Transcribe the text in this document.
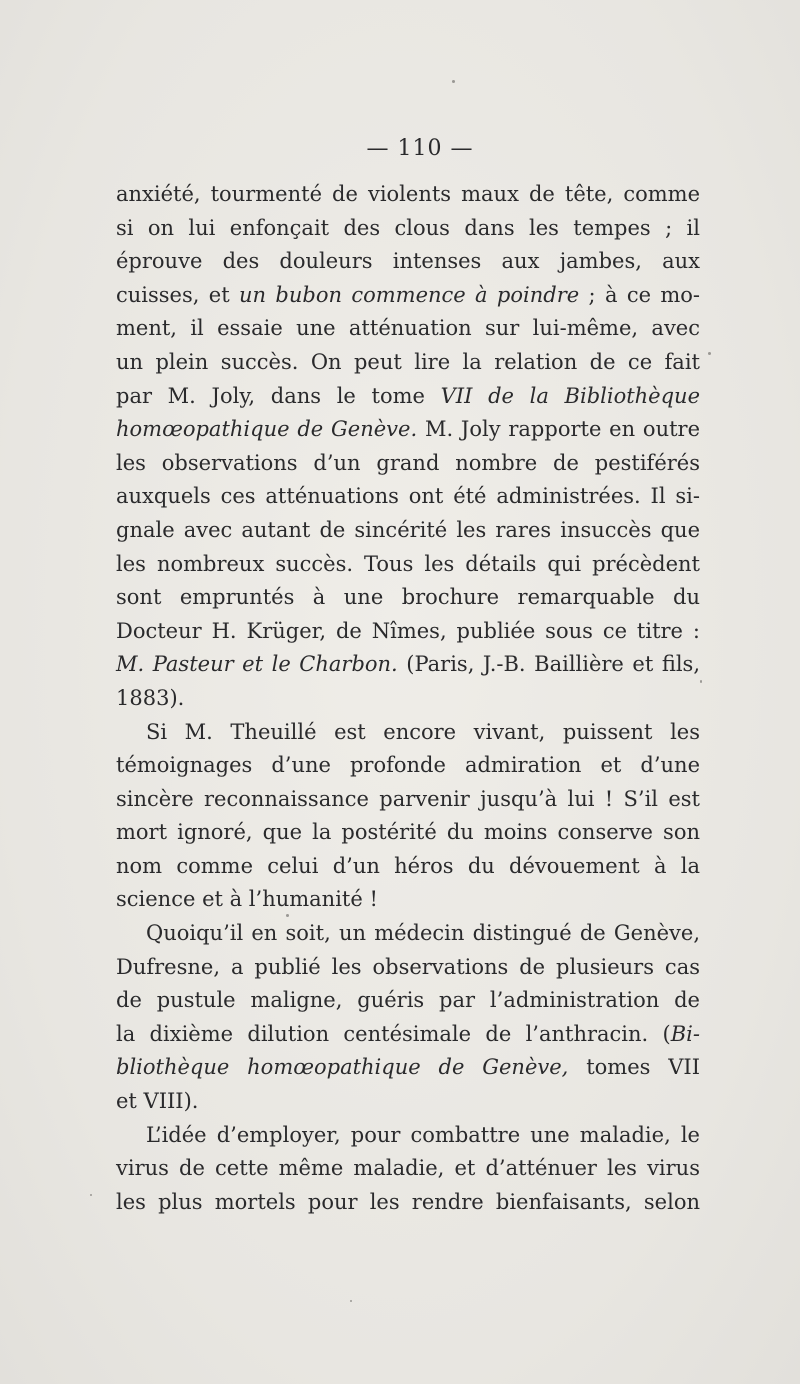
— 110 —
anxiété, tourmenté de violents maux de tête, comme
si on lui enfonçait des clous dans les tempes ; il
éprouve des douleurs intenses aux jambes, aux
cuisses, et un bubon commence à poindre ; à ce mo-
ment, il essaie une atténuation sur lui-même, avec
un plein succès. On peut lire la relation de ce fait
par M. Joly, dans le tome VII de la Bibliothèque
homœopathique de Genève. M. Joly rapporte en outre
les observations d’un grand nombre de pestiférés
auxquels ces atténuations ont été administrées. Il si-
gnale avec autant de sincérité les rares insuccès que
les nombreux succès. Tous les détails qui précèdent
sont empruntés à une brochure remarquable du
Docteur H. Krüger, de Nîmes, publiée sous ce titre :
M. Pasteur et le Charbon. (Paris, J.-B. Baillière et fils,
1883).
Si M. Theuillé est encore vivant, puissent les
témoignages d’une profonde admiration et d’une
sincère reconnaissance parvenir jusqu’à lui ! S’il est
mort ignoré, que la postérité du moins conserve son
nom comme celui d’un héros du dévouement à la
science et à l’humanité !
Quoiqu’il en soit, un médecin distingué de Genève,
Dufresne, a publié les observations de plusieurs cas
de pustule maligne, guéris par l’administration de
la dixième dilution centésimale de l’anthracin. (Bi-
bliothèque homœopathique de Genève, tomes VII
et VIII).
L’idée d’employer, pour combattre une maladie, le
virus de cette même maladie, et d’atténuer les virus
les plus mortels pour les rendre bienfaisants, selon
